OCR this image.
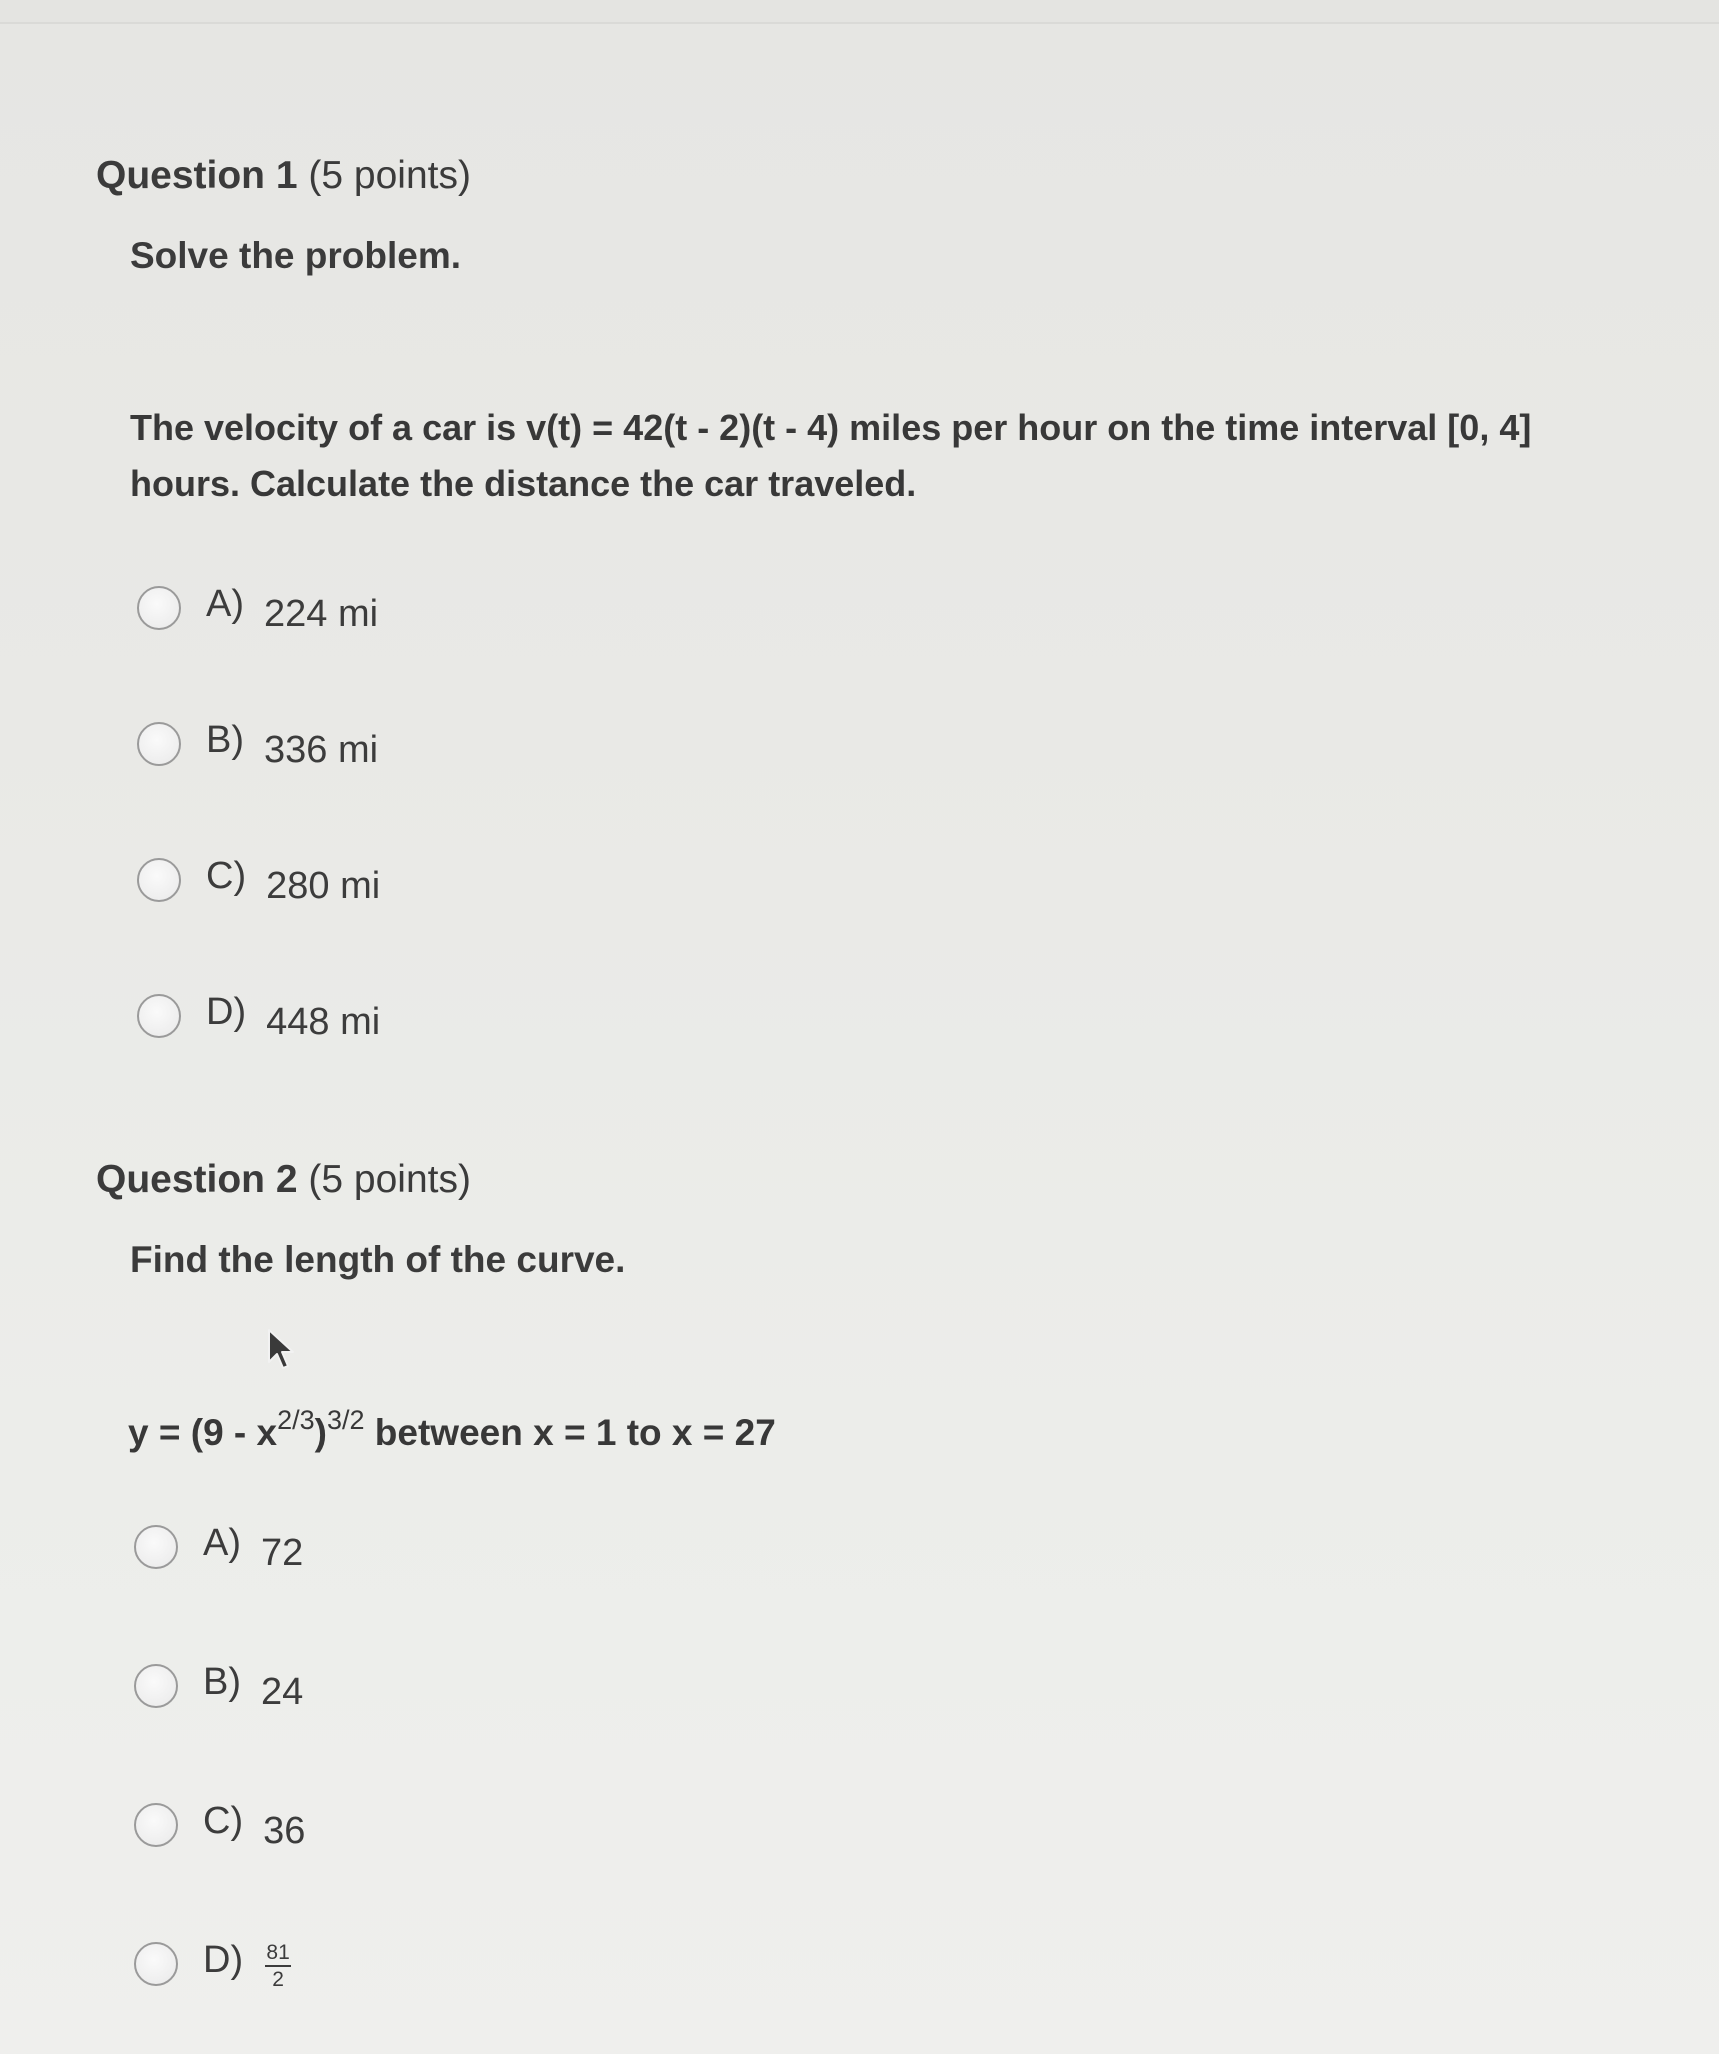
Question 1 (5 points)

Solve the problem.

The velocity of a car is v(t) = 42(t - 2)(t - 4) miles per hour on the time interval [0, 4] hours. Calculate the distance the car traveled.

A) 224 mi
B) 336 mi
C) 280 mi
D) 448 mi
Question 2 (5 points)

Find the length of the curve.

$y = (9 - x^{2/3})^{3/2}$ between x = 1 to x = 27

A) 72
B) 24
C) 36
$D) \frac{81}{2}$
